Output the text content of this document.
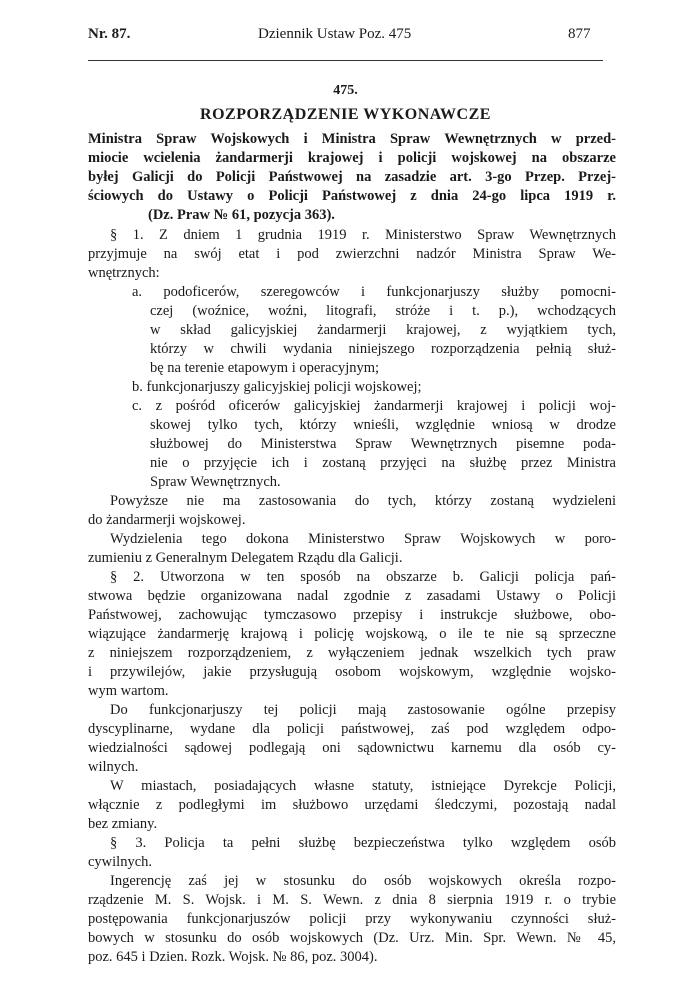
Nr. 87.	Dziennik Ustaw Poz. 475	877
475.
ROZPORZĄDZENIE WYKONAWCZE
Ministra Spraw Wojskowych i Ministra Spraw Wewnętrznych w przed-
miocie wcielenia żandarmerji krajowej i policji wojskowej na obszarze
byłej Galicji do Policji Państwowej na zasadzie art. 3-go Przep. Przej-
ściowych do Ustawy o Policji Państwowej z dnia 24-go lipca 1919 r.
(Dz. Praw № 61, pozycja 363).
§ 1. Z dniem 1 grudnia 1919 r. Ministerstwo Spraw Wewnętrznych
przyjmuje na swój etat i pod zwierzchni nadzór Ministra Spraw We-
wnętrznych:
a. podoficerów, szeregowców i funkcjonarjuszy służby pomocni-
czej (woźnice, woźni, litografi, stróże i t. p.), wchodzących
w skład galicyjskiej żandarmerji krajowej, z wyjątkiem tych,
którzy w chwili wydania niniejszego rozporządzenia pełnią służ-
bę na terenie etapowym i operacyjnym;
b. funkcjonarjuszy galicyjskiej policji wojskowej;
c. z pośród oficerów galicyjskiej żandarmerji krajowej i policji woj-
skowej tylko tych, którzy wnieśli, względnie wniosą w drodze
służbowej do Ministerstwa Spraw Wewnętrznych pisemne poda-
nie o przyjęcie ich i zostaną przyjęci na służbę przez Ministra
Spraw Wewnętrznych.
Powyższe nie ma zastosowania do tych, którzy zostaną wydzieleni
do żandarmerji wojskowej.
Wydzielenia tego dokona Ministerstwo Spraw Wojskowych w poro-
zumieniu z Generalnym Delegatem Rządu dla Galicji.
§ 2. Utworzona w ten sposób na obszarze b. Galicji policja pań-
stwowa będzie organizowana nadal zgodnie z zasadami Ustawy o Policji
Państwowej, zachowując tymczasowo przepisy i instrukcje służbowe, obo-
wiązujące żandarmerję krajową i policję wojskową, o ile te nie są sprzeczne
z niniejszem rozporządzeniem, z wyłączeniem jednak wszelkich tych praw
i przywilejów, jakie przysługują osobom wojskowym, względnie wojsko-
wym wartom.
Do funkcjonarjuszy tej policji mają zastosowanie ogólne przepisy
dyscyplinarne, wydane dla policji państwowej, zaś pod względem odpo-
wiedzialności sądowej podlegają oni sądownictwu karnemu dla osób cy-
wilnych.
W miastach, posiadających własne statuty, istniejące Dyrekcje Policji,
włącznie z podległymi im służbowo urzędami śledczymi, pozostają nadal
bez zmiany.
§ 3. Policja ta pełni służbę bezpieczeństwa tylko względem osób
cywilnych.
Ingerencję zaś jej w stosunku do osób wojskowych określa rozpo-
rządzenie M. S. Wojsk. i M. S. Wewn. z dnia 8 sierpnia 1919 r. o trybie
postępowania funkcjonarjuszów policji przy wykonywaniu czynności służ-
bowych w stosunku do osób wojskowych (Dz. Urz. Min. Spr. Wewn. № 45,
poz. 645 i Dzien. Rozk. Wojsk. № 86, poz. 3004).
